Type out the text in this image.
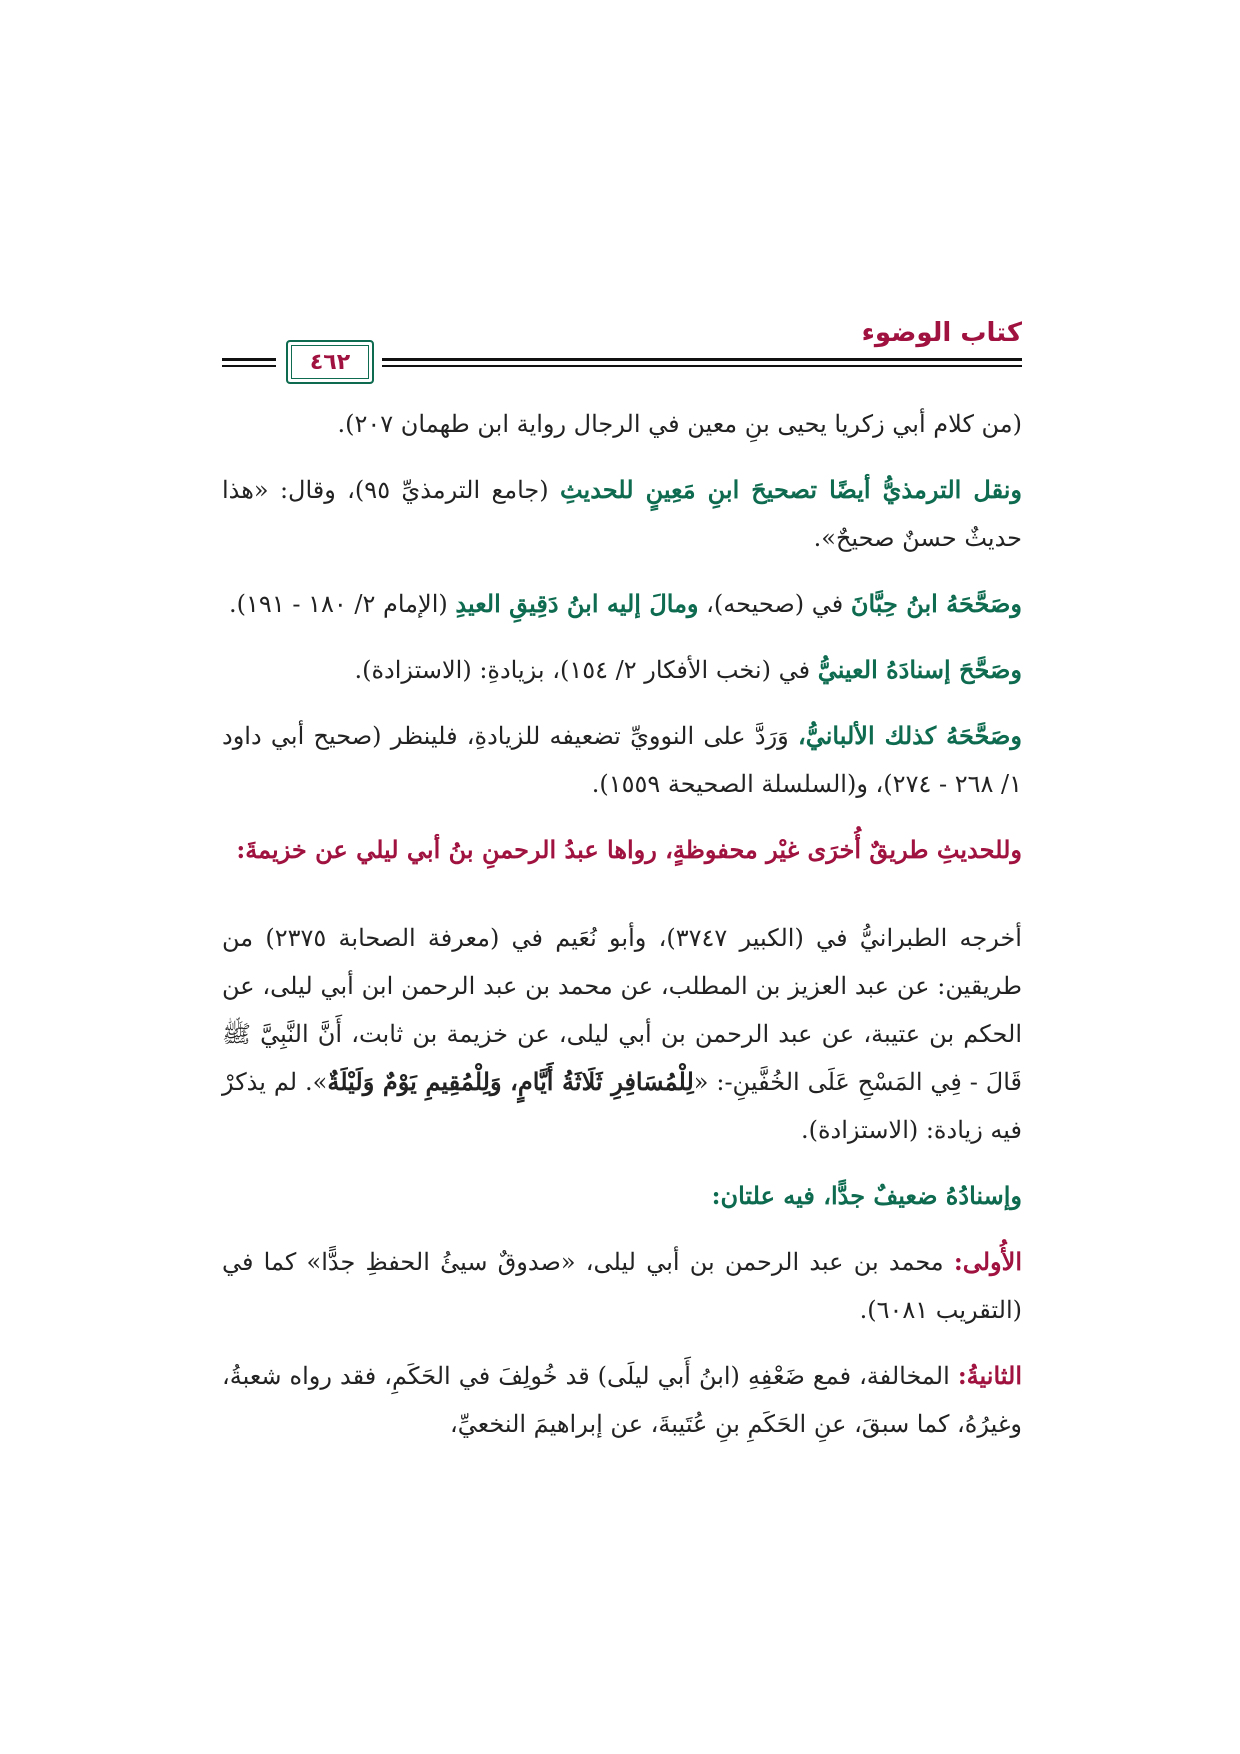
كتاب الوضوء
٤٦٢

(من كلام أبي زكريا يحيى بنِ معين في الرجال رواية ابن طهمان ٢٠٧).

ونقل الترمذيُّ أيضًا تصحيحَ ابنِ مَعِينٍ للحديثِ (جامع الترمذيِّ ٩٥)، وقال: «هذا حديثٌ حسنٌ صحيحٌ».

وصَحَّحَهُ ابنُ حِبَّانَ في (صحيحه)، ومالَ إليه ابنُ دَقِيقِ العيدِ (الإمام ٢/ ١٨٠ - ١٩١).

وصَحَّحَ إسنادَهُ العينيُّ في (نخب الأفكار ٢/ ١٥٤)، بزيادةِ: (الاستزادة).

وصَحَّحَهُ كذلك الألبانيُّ، وَرَدَّ على النوويِّ تضعيفه للزيادةِ، فلينظر (صحيح أبي داود ١/ ٢٦٨ - ٢٧٤)، و(السلسلة الصحيحة ١٥٥٩).

وللحديثِ طريقٌ أُخرَى غيْر محفوظةٍ، رواها عبدُ الرحمنِ بنُ أبي ليلي عن خزيمةَ:

أخرجه الطبرانيُّ في (الكبير ٣٧٤٧)، وأبو نُعَيم في (معرفة الصحابة ٢٣٧٥) من طريقين: عن عبد العزيز بن المطلب، عن محمد بن عبد الرحمن ابن أبي ليلى، عن الحكم بن عتيبة، عن عبد الرحمن بن أبي ليلى، عن خزيمة بن ثابت، أَنَّ النَّبِيَّ ﷺ قَالَ - فِي المَسْحِ عَلَى الخُفَّينِ-: «لِلْمُسَافِرِ ثَلَاثَةُ أَيَّامٍ، وَلِلْمُقِيمِ يَوْمٌ وَلَيْلَةٌ». لم يذكرْ فيه زيادة: (الاستزادة).

وإسنادُهُ ضعيفٌ جدًّا، فيه علتان:

الأُولى: محمد بن عبد الرحمن بن أبي ليلى، «صدوقٌ سيئُ الحفظِ جدًّا» كما في (التقريب ٦٠٨١).

الثانيةُ: المخالفة، فمع ضَعْفِهِ (ابنُ أَبي ليلَى) قد خُولِفَ في الحَكَمِ، فقد رواه شعبةُ، وغيرُهُ، كما سبقَ، عنِ الحَكَمِ بنِ عُتَيبةَ، عن إبراهيمَ النخعيِّ،
